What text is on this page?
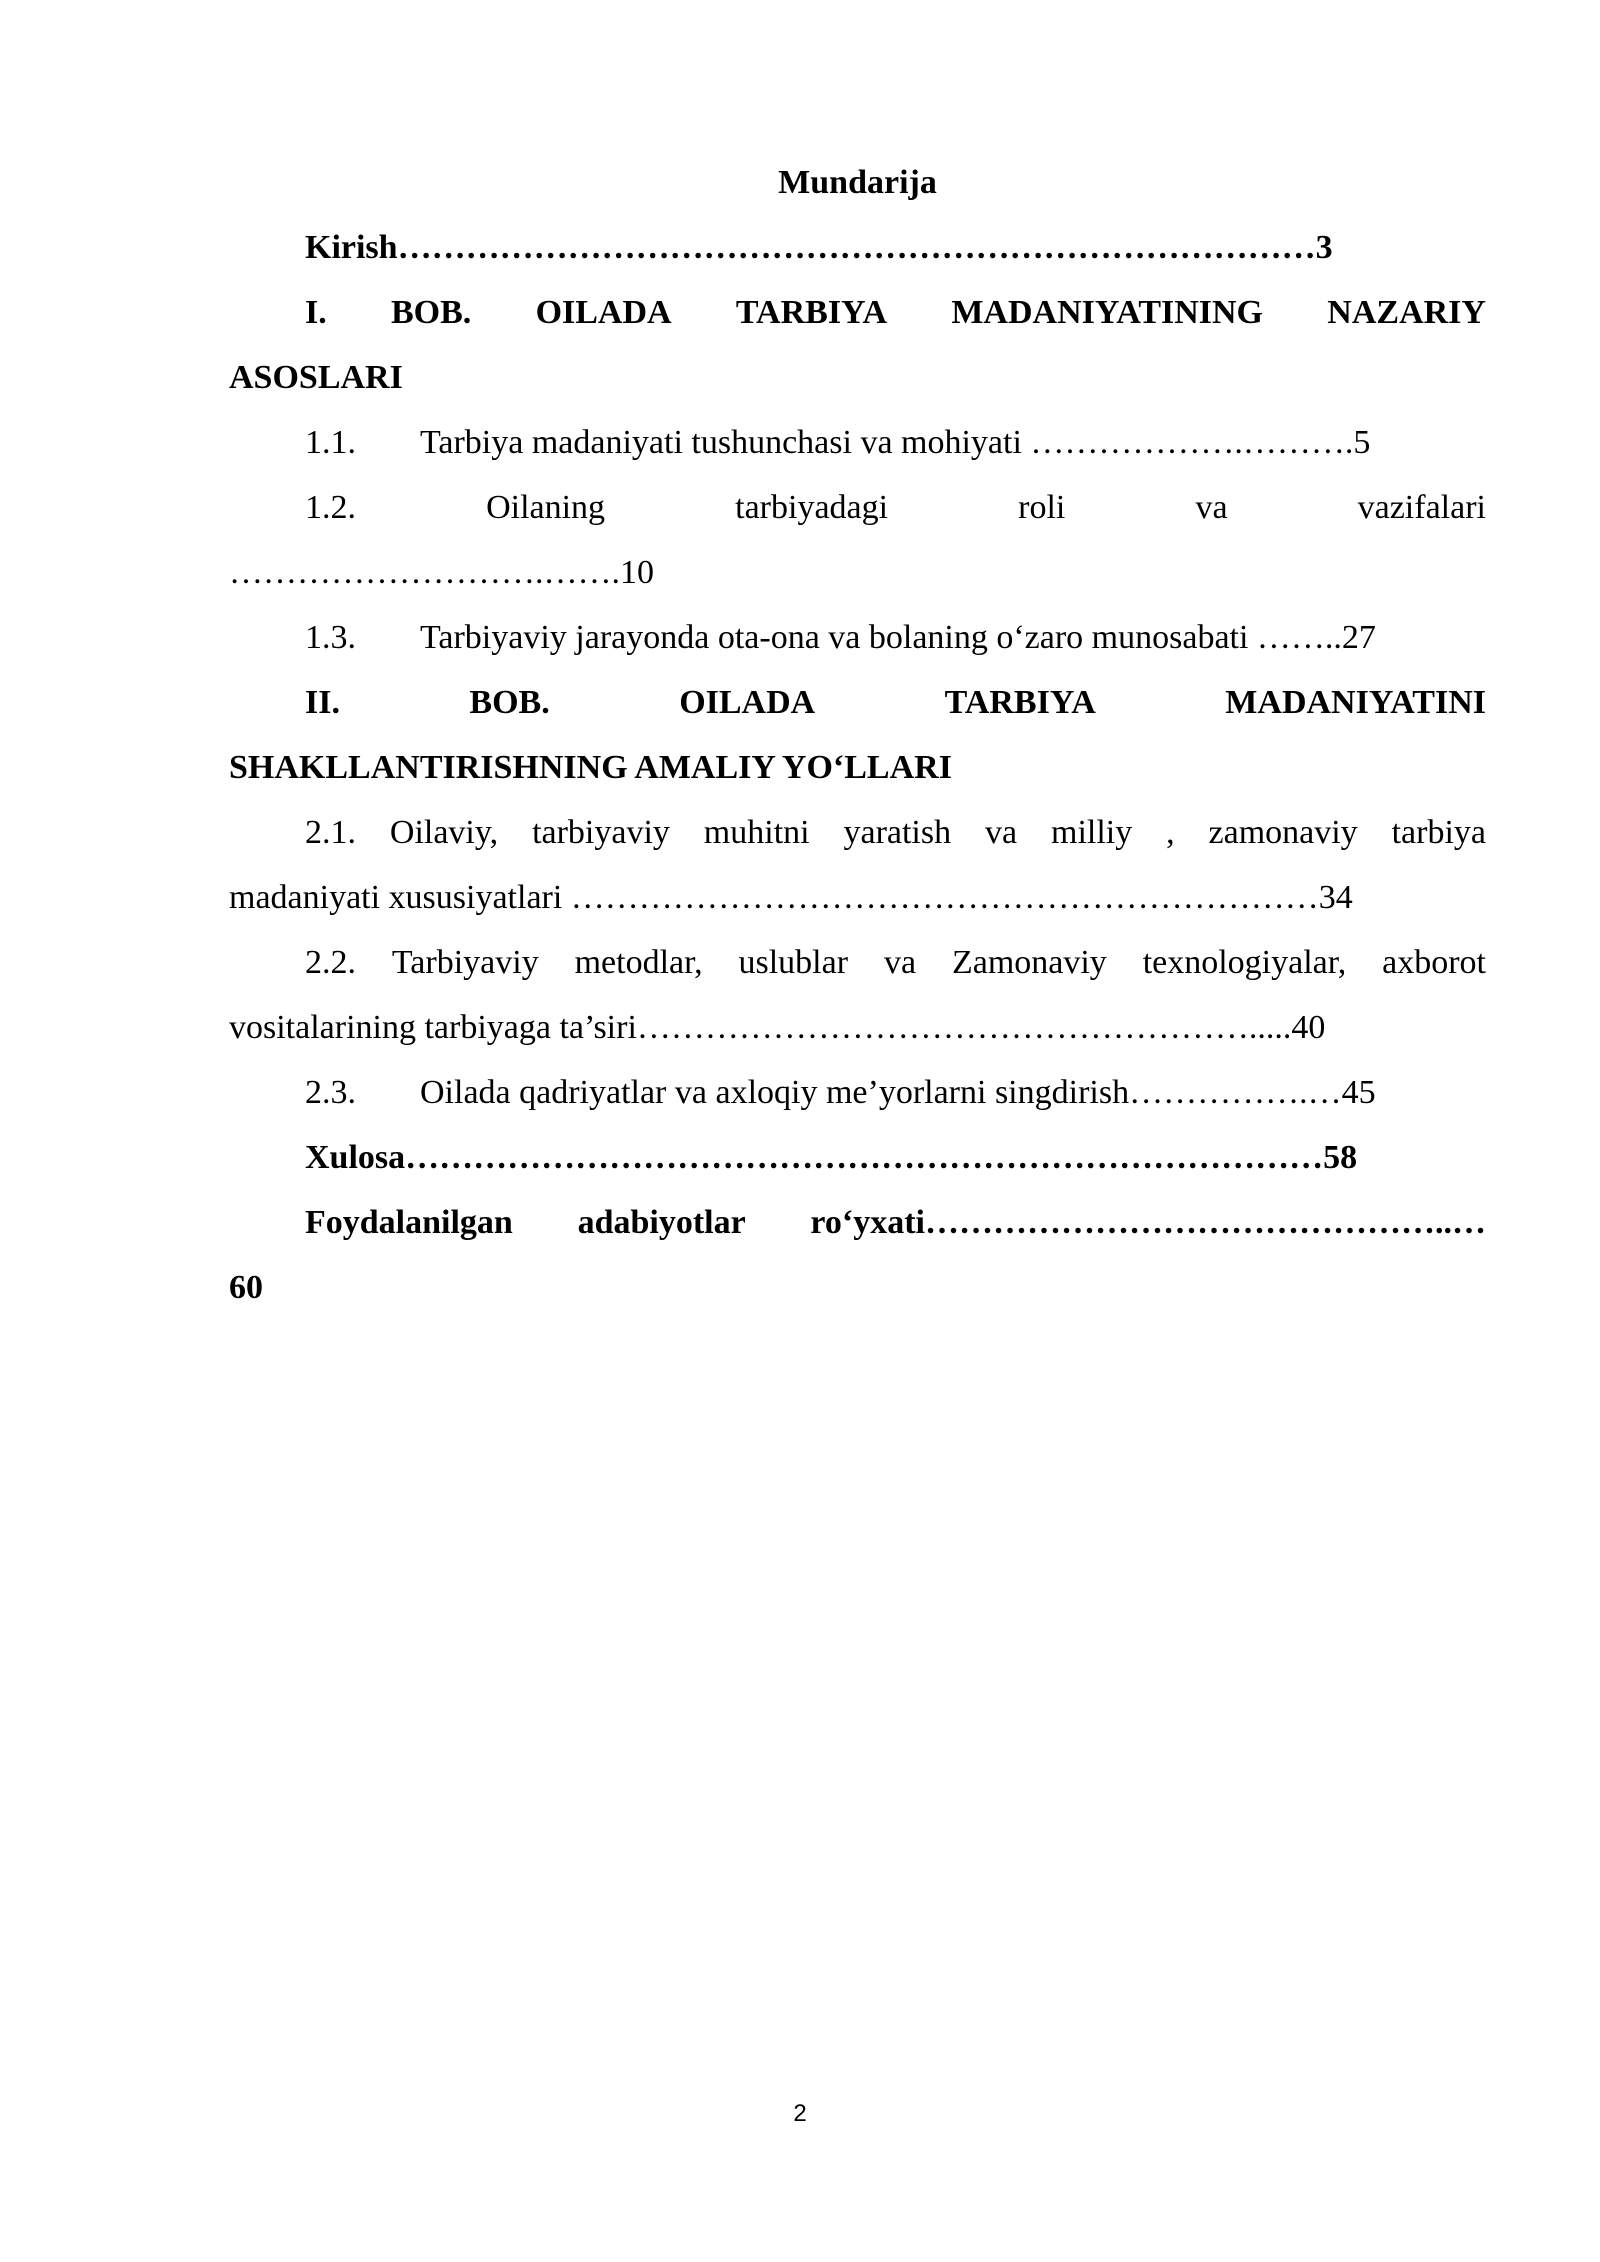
Mundarija
Kirish………………………………………………………………………3
I. BOB. OILADA TARBIYA MADANIYATINING NAZARIY
ASOSLARI
1.1. Tarbiya madaniyati tushunchasi va mohiyati ……………….……….5
1.2.	Oilaning	tarbiyadagi	roli	va	vazifalari
……………………….…….10
1.3. Tarbiyaviy jarayonda ota-ona va bolaning o‘zaro munosabati ……..27
II.	BOB.	OILADA	TARBIYA	MADANIYATINI
SHAKLLANTIRISHNING AMALIY YO‘LLARI
2.1. Oilaviy, tarbiyaviy muhitni yaratish va milliy , zamonaviy tarbiya
madaniyati xususiyatlari …………………………………………………………34
2.2. Tarbiyaviy metodlar, uslublar va Zamonaviy texnologiyalar, axborot
vositalarining tarbiyaga ta’siri……………………………………………….....40
2.3. Oilada qadriyatlar va axloqiy me’yorlarni singdirish…………….…45
Xulosa………………………………………………………………………58
Foydalanilgan adabiyotlar ro‘yxati………………………………………..…
60
2
